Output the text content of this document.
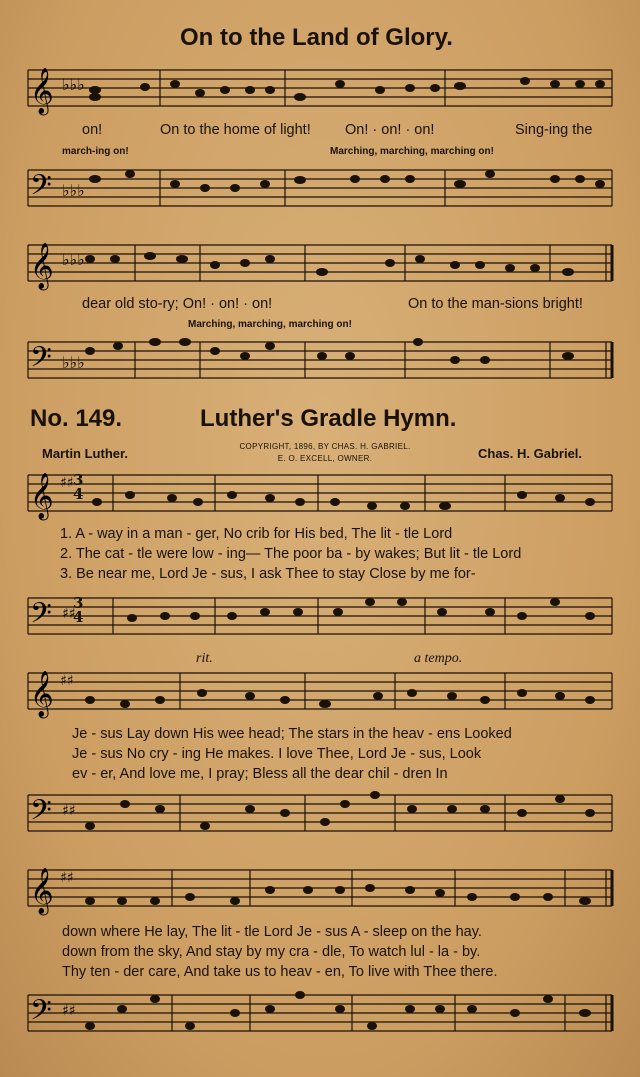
On to the Land of Glory.
𝄞 ♭♭♭
on!	On to the home of light! On! · on! · on!	Sing-ing the
march-ing on!	Marching, marching, marching on!
𝄢 ♭♭♭
𝄞 ♭♭♭
dear old sto-ry; On! · on! · on!	On to the man-sions bright!
Marching, marching, marching on!
𝄢 ♭♭♭
No. 149.	Luther's Gradle Hymn.
Martin Luther.	COPYRIGHT, 1896, BY CHAS. H. GABRIEL.
E. O. EXCELL, OWNER.	Chas. H. Gabriel.
𝄞 ♯♯
1. A - way in a man - ger, No crib for His bed, The lit - tle Lord
2. The cat - tle were low - ing— The poor ba - by wakes; But lit - tle Lord
3. Be near me, Lord Je - sus, I ask Thee to stay Close by me for-
𝄢 ♯♯
rit.	a tempo.
𝄞 ♯♯
Je - sus Lay down His wee head; The stars in the heav - ens Looked
Je - sus No cry - ing He makes. I love Thee, Lord Je - sus, Look
ev - er, And love me, I pray; Bless all the dear chil - dren In
𝄢 ♯♯
𝄞 ♯♯
down where He lay, The lit - tle Lord Je - sus A - sleep on the hay.
down from the sky, And stay by my cra - dle, To watch lul - la - by.
Thy ten - der care, And take us to heav - en, To live with Thee there.
𝄢 ♯♯
3
4
3
4
